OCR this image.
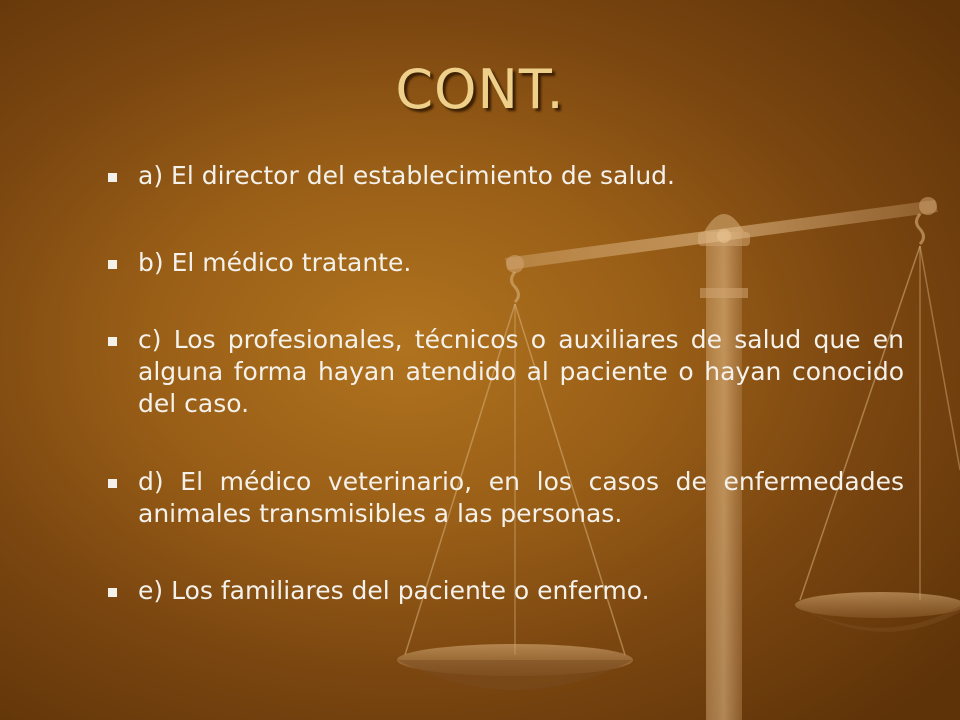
CONT.
a) El director del establecimiento de salud.
b) El médico tratante.
c) Los profesionales, técnicos o auxiliares de salud que en alguna forma hayan atendido al paciente o hayan conocido del caso.
d) El médico veterinario, en los casos de enfermedades animales transmisibles a las personas.
e) Los familiares del paciente o enfermo.
